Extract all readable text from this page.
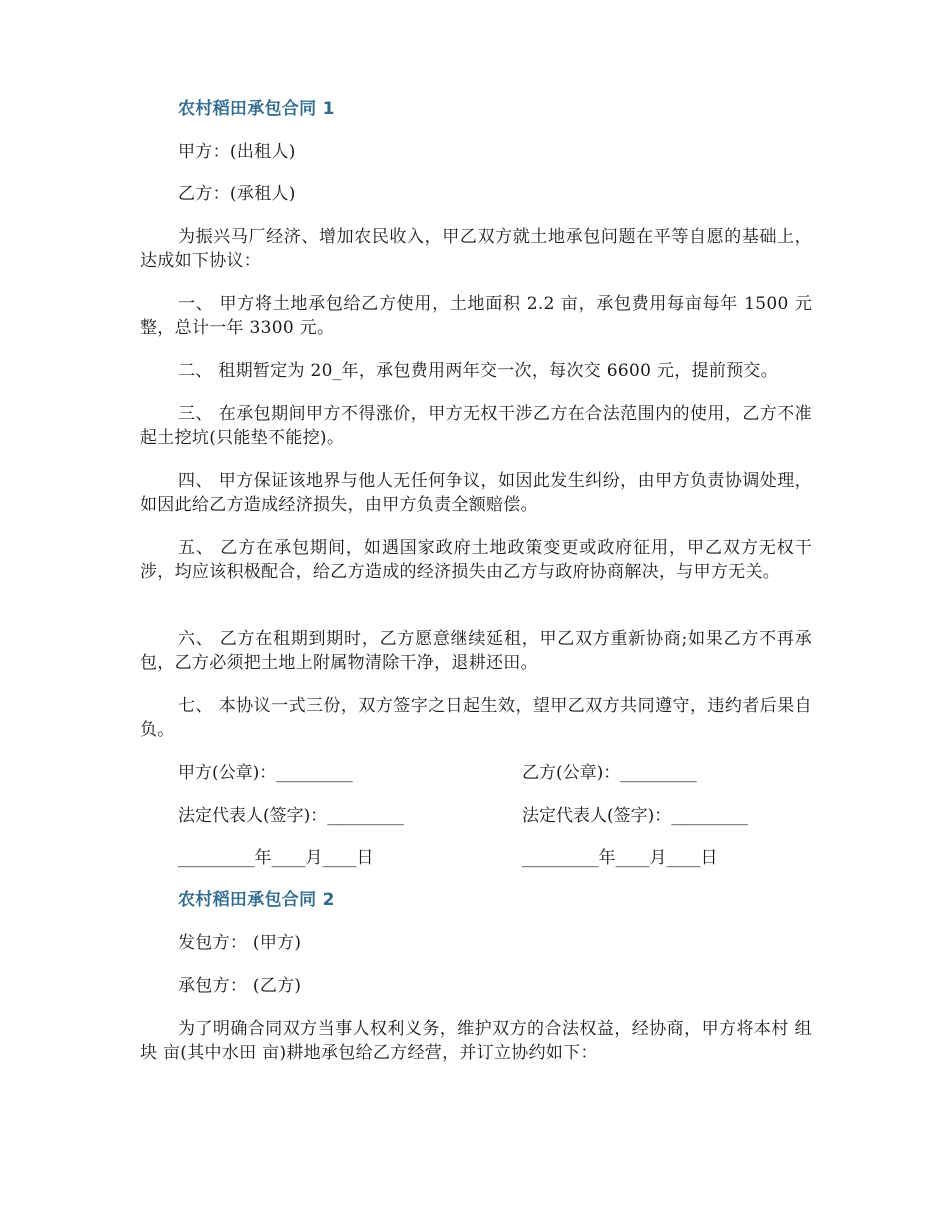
农村稻田承包合同 1
甲方：(出租人)
乙方：(承租人)
为振兴马厂经济、增加农民收入，甲乙双方就土地承包问题在平等自愿的基础上，达成如下协议：
一、 甲方将土地承包给乙方使用，土地面积 2.2 亩，承包费用每亩每年 1500 元整，总计一年 3300 元。
二、 租期暂定为 20_年，承包费用两年交一次，每次交 6600 元，提前预交。
三、 在承包期间甲方不得涨价，甲方无权干涉乙方在合法范围内的使用，乙方不准起土挖坑(只能垫不能挖)。
四、 甲方保证该地界与他人无任何争议，如因此发生纠纷，由甲方负责协调处理，如因此给乙方造成经济损失，由甲方负责全额赔偿。
五、 乙方在承包期间，如遇国家政府土地政策变更或政府征用，甲乙双方无权干涉，均应该积极配合，给乙方造成的经济损失由乙方与政府协商解决，与甲方无关。
六、 乙方在租期到期时，乙方愿意继续延租，甲乙双方重新协商;如果乙方不再承包，乙方必须把土地上附属物清除干净，退耕还田。
七、 本协议一式三份，双方签字之日起生效，望甲乙双方共同遵守，违约者后果自负。
甲方(公章)：_________	乙方(公章)：_________
法定代表人(签字)：_________	法定代表人(签字)：_________
_________年____月____日	_________年____月____日
农村稻田承包合同 2
发包方： (甲方)
承包方： (乙方)
为了明确合同双方当事人权利义务，维护双方的合法权益，经协商，甲方将本村 组 块 亩(其中水田 亩)耕地承包给乙方经营，并订立协约如下：
